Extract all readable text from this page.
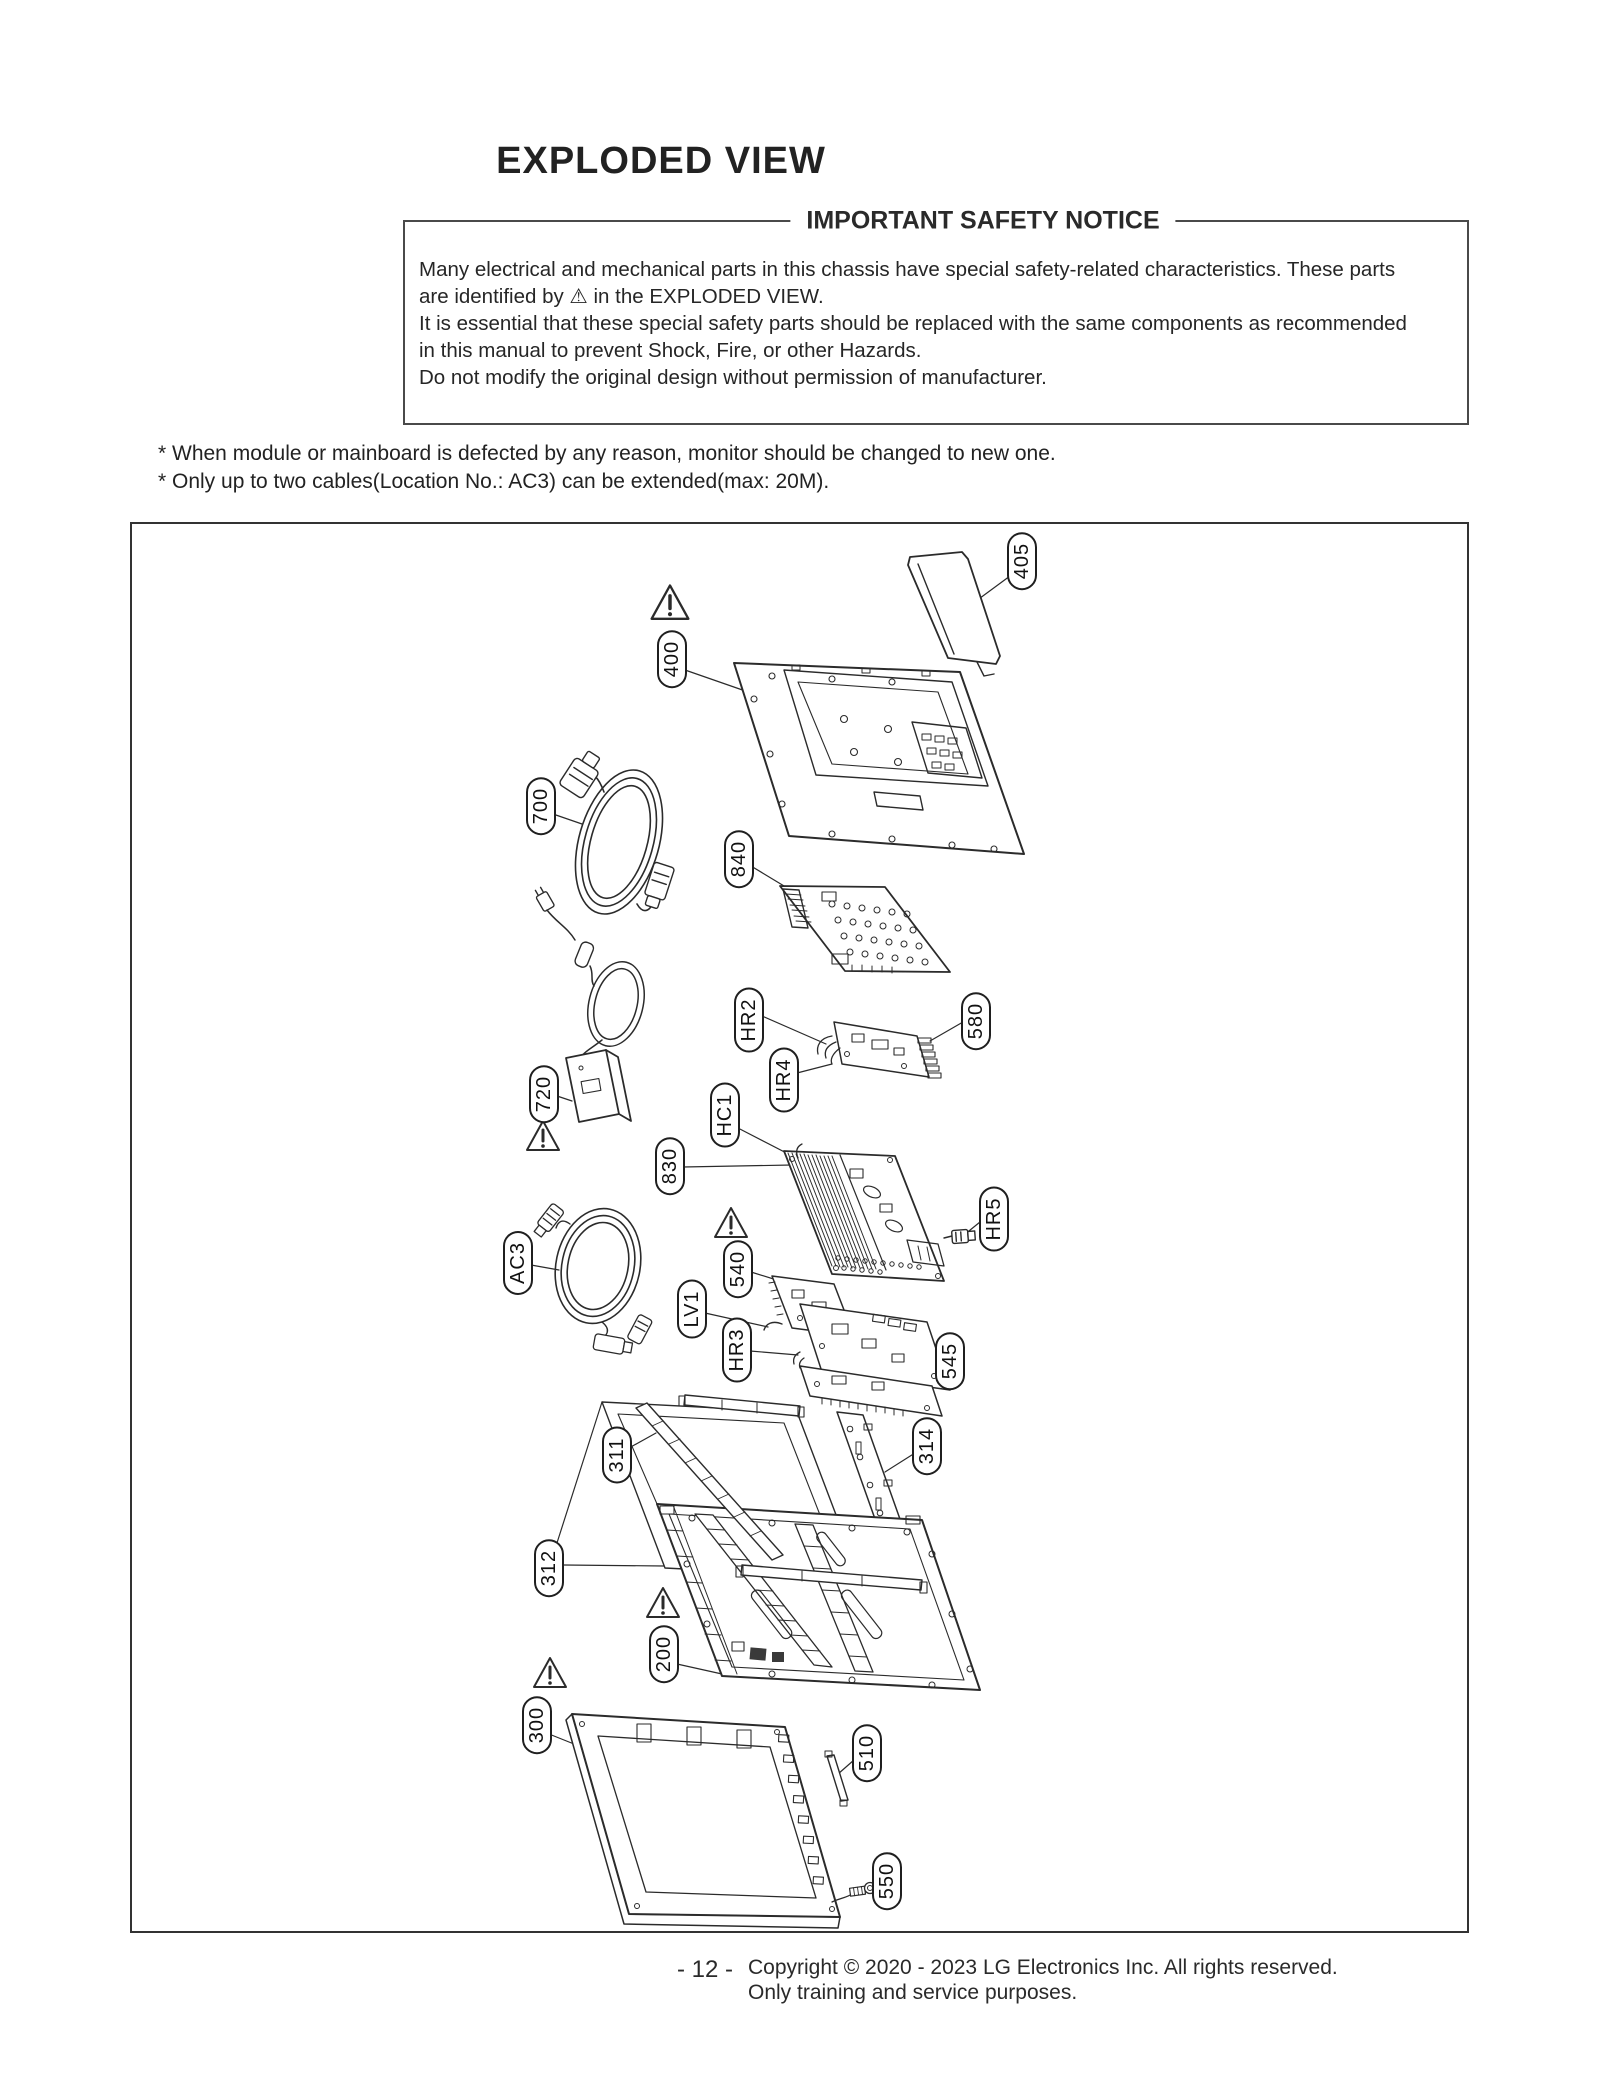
EXPLODED VIEW
IMPORTANT SAFETY NOTICE
Many electrical and mechanical parts in this chassis have special safety-related characteristics. These parts
are identified by ⚠ in the EXPLODED VIEW.
It is essential that these special safety parts should be replaced with the same components as recommended
in this manual to prevent Shock, Fire, or other Hazards.
Do not modify the original design without permission of manufacturer.
* When module or mainboard is defected by any reason, monitor should be changed to new one.
* Only up to two cables(Location No.: AC3) can be extended(max: 20M).
405
400
700
840
HR2
HR4
580
720	HC1
830
HR5
540
LV1
HR3	545
AC3
311	314
312
200
300
510
550
- 12 - Copyright © 2020 - 2023 LG Electronics Inc. All rights reserved.
Only training and service purposes.
